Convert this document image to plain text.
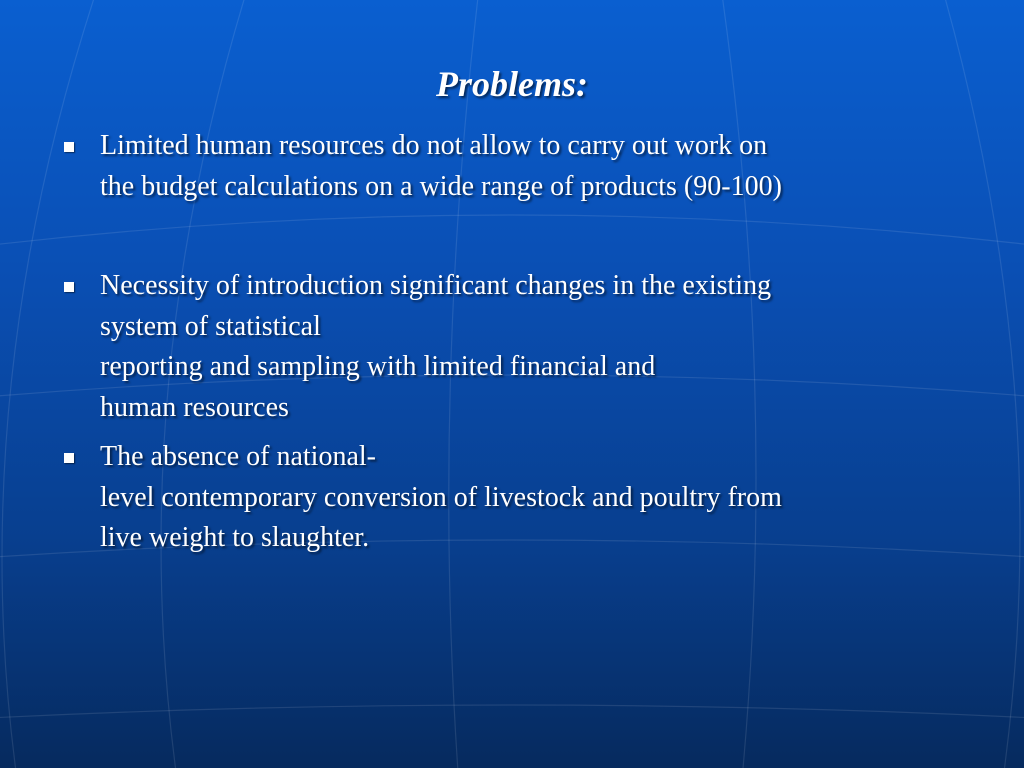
Problems:
Limited human resources do not allow to carry out work on
the budget calculations on a wide range of products (90-100)
Necessity of introduction significant changes in the existing
system of statistical
reporting and sampling with limited financial and
human resources
The absence of national-
level contemporary conversion of livestock and poultry from
live weight to slaughter.
